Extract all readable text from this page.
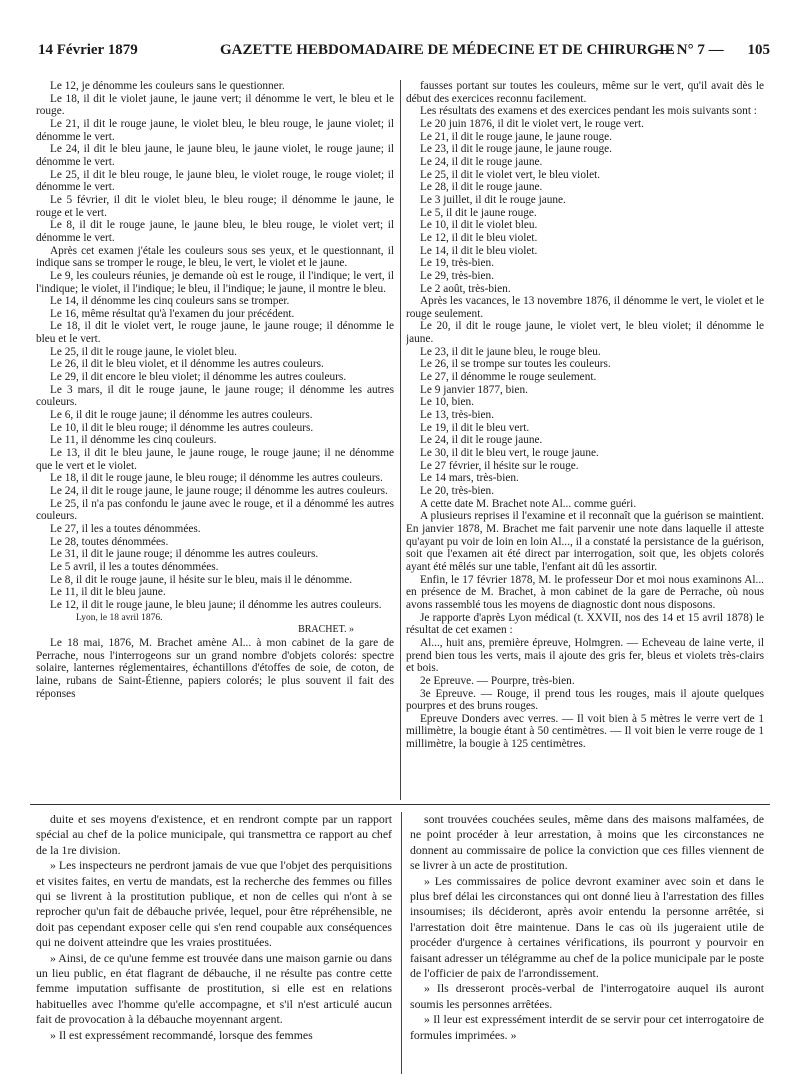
14 Février 1879	GAZETTE HEBDOMADAIRE DE MÉDECINE ET DE CHIRURGIE
— N° 7 — 105

Le 12, je dénomme les couleurs sans le questionner.

Le 18, il dit le violet jaune, le jaune vert; il dénomme le vert, le bleu et le rouge.

Le 21, il dit le rouge jaune, le violet bleu, le bleu rouge, le jaune violet; il dénomme le vert.

Le 24, il dit le bleu jaune, le jaune bleu, le jaune violet, le rouge jaune; il dénomme le vert.

Le 25, il dit le bleu rouge, le jaune bleu, le violet rouge, le rouge violet; il dénomme le vert.

Le 5 février, il dit le violet bleu, le bleu rouge; il dénomme le jaune, le rouge et le vert.

Le 8, il dit le rouge jaune, le jaune bleu, le bleu rouge, le violet vert; il dénomme le vert.

Après cet examen j'étale les couleurs sous ses yeux, et le questionnant, il indique sans se tromper le rouge, le bleu, le vert, le violet et le jaune.

Le 9, les couleurs réunies, je demande où est le rouge, il l'indique; le vert, il l'indique; le violet, il l'indique; le bleu, il l'indique; le jaune, il montre le bleu.

Le 14, il dénomme les cinq couleurs sans se tromper.

Le 16, même résultat qu'à l'examen du jour précédent.

Le 18, il dit le violet vert, le rouge jaune, le jaune rouge; il dénomme le bleu et le vert.

Le 25, il dit le rouge jaune, le violet bleu.

Le 26, il dit le bleu violet, et il dénomme les autres couleurs.

Le 29, il dit encore le bleu violet; il dénomme les autres couleurs.

Le 3 mars, il dit le rouge jaune, le jaune rouge; il dénomme les autres couleurs.

Le 6, il dit le rouge jaune; il dénomme les autres couleurs.

Le 10, il dit le bleu rouge; il dénomme les autres couleurs.

Le 11, il dénomme les cinq couleurs.

Le 13, il dit le bleu jaune, le jaune rouge, le rouge jaune; il ne dénomme que le vert et le violet.

Le 18, il dit le rouge jaune, le bleu rouge; il dénomme les autres couleurs.

Le 24, il dit le rouge jaune, le jaune rouge; il dénomme les autres couleurs.

Le 25, il n'a pas confondu le jaune avec le rouge, et il a dénommé les autres couleurs.

Le 27, il les a toutes dénommées.

Le 28, toutes dénommées.

Le 31, il dit le jaune rouge; il dénomme les autres couleurs.

Le 5 avril, il les a toutes dénommées.

Le 8, il dit le rouge jaune, il hésite sur le bleu, mais il le dénomme.

Le 11, il dit le bleu jaune.

Le 12, il dit le rouge jaune, le bleu jaune; il dénomme les autres couleurs.

Lyon, le 18 avril 1876.

BRACHET. »

Le 18 mai, 1876, M. Brachet amène Al... à mon cabinet de la gare de Perrache, nous l'interrogeons sur un grand nombre d'objets colorés: spectre solaire, lanternes réglementaires, échantillons d'étoffes de soie, de coton, de laine, rubans de Saint-Étienne, papiers colorés; le plus souvent il fait des réponses

fausses portant sur toutes les couleurs, même sur le vert, qu'il avait dès le début des exercices reconnu facilement.

Les résultats des examens et des exercices pendant les mois suivants sont :

Le 20 juin 1876, il dit le violet vert, le rouge vert.

Le 21, il dit le rouge jaune, le jaune rouge.

Le 23, il dit le rouge jaune, le jaune rouge.

Le 24, il dit le rouge jaune.

Le 25, il dit le violet vert, le bleu violet.

Le 28, il dit le rouge jaune.

Le 3 juillet, il dit le rouge jaune.

Le 5, il dit le jaune rouge.

Le 10, il dit le violet bleu.

Le 12, il dit le bleu violet.

Le 14, il dit le bleu violet.

Le 19, très-bien.

Le 29, très-bien.

Le 2 août, très-bien.

Après les vacances, le 13 novembre 1876, il dénomme le vert, le violet et le rouge seulement.

Le 20, il dit le rouge jaune, le violet vert, le bleu violet; il dénomme le jaune.

Le 23, il dit le jaune bleu, le rouge bleu.

Le 26, il se trompe sur toutes les couleurs.

Le 27, il dénomme le rouge seulement.

Le 9 janvier 1877, bien.

Le 10, bien.

Le 13, très-bien.

Le 19, il dit le bleu vert.

Le 24, il dit le rouge jaune.

Le 30, il dit le bleu vert, le rouge jaune.

Le 27 février, il hésite sur le rouge.

Le 14 mars, très-bien.

Le 20, très-bien.

A cette date M. Brachet note Al... comme guéri.

A plusieurs reprises il l'examine et il reconnaît que la guérison se maintient. En janvier 1878, M. Brachet me fait parvenir une note dans laquelle il atteste qu'ayant pu voir de loin en loin Al..., il a constaté la persistance de la guérison, soit que l'examen ait été direct par interrogation, soit que, les objets colorés ayant été mêlés sur une table, l'enfant ait dû les assortir.

Enfin, le 17 février 1878, M. le professeur Dor et moi nous examinons Al... en présence de M. Brachet, à mon cabinet de la gare de Perrache, où nous avons rassemblé tous les moyens de diagnostic dont nous disposons.

Je rapporte d'après Lyon médical (t. XXVII, nos des 14 et 15 avril 1878) le résultat de cet examen :

Al..., huit ans, première épreuve, Holmgren. — Echeveau de laine verte, il prend bien tous les verts, mais il ajoute des gris fer, bleus et violets très-clairs et bois.

2e Epreuve. — Pourpre, très-bien.

3e Epreuve. — Rouge, il prend tous les rouges, mais il ajoute quelques pourpres et des bruns rouges.

Epreuve Donders avec verres. — Il voit bien à 5 mètres le verre vert de 1 millimètre, la bougie étant à 50 centimètres. — Il voit bien le verre rouge de 1 millimètre, la bougie à 125 centimètres.

duite et ses moyens d'existence, et en rendront compte par un rapport spécial au chef de la police municipale, qui transmettra ce rapport au chef de la 1re division.

» Les inspecteurs ne perdront jamais de vue que l'objet des perquisitions et visites faites, en vertu de mandats, est la recherche des femmes ou filles qui se livrent à la prostitution publique, et non de celles qui n'ont à se reprocher qu'un fait de débauche privée, lequel, pour être répréhensible, ne doit pas cependant exposer celle qui s'en rend coupable aux conséquences qui ne doivent atteindre que les vraies prostituées.

» Ainsi, de ce qu'une femme est trouvée dans une maison garnie ou dans un lieu public, en état flagrant de débauche, il ne résulte pas contre cette femme imputation suffisante de prostitution, si elle est en relations habituelles avec l'homme qu'elle accompagne, et s'il n'est articulé aucun fait de provocation à la débauche moyennant argent.

» Il est expressément recommandé, lorsque des femmes

sont trouvées couchées seules, même dans des maisons malfamées, de ne point procéder à leur arrestation, à moins que les circonstances ne donnent au commissaire de police la conviction que ces filles viennent de se livrer à un acte de prostitution.

» Les commissaires de police devront examiner avec soin et dans le plus bref délai les circonstances qui ont donné lieu à l'arrestation des filles insoumises; ils décideront, après avoir entendu la personne arrêtée, si l'arrestation doit être maintenue. Dans le cas où ils jugeraient utile de procéder d'urgence à certaines vérifications, ils pourront y pourvoir en faisant adresser un télégramme au chef de la police municipale par le poste de l'officier de paix de l'arrondissement.

» Ils dresseront procès-verbal de l'interrogatoire auquel ils auront soumis les personnes arrêtées.

» Il leur est expressément interdit de se servir pour cet interrogatoire de formules imprimées. »
